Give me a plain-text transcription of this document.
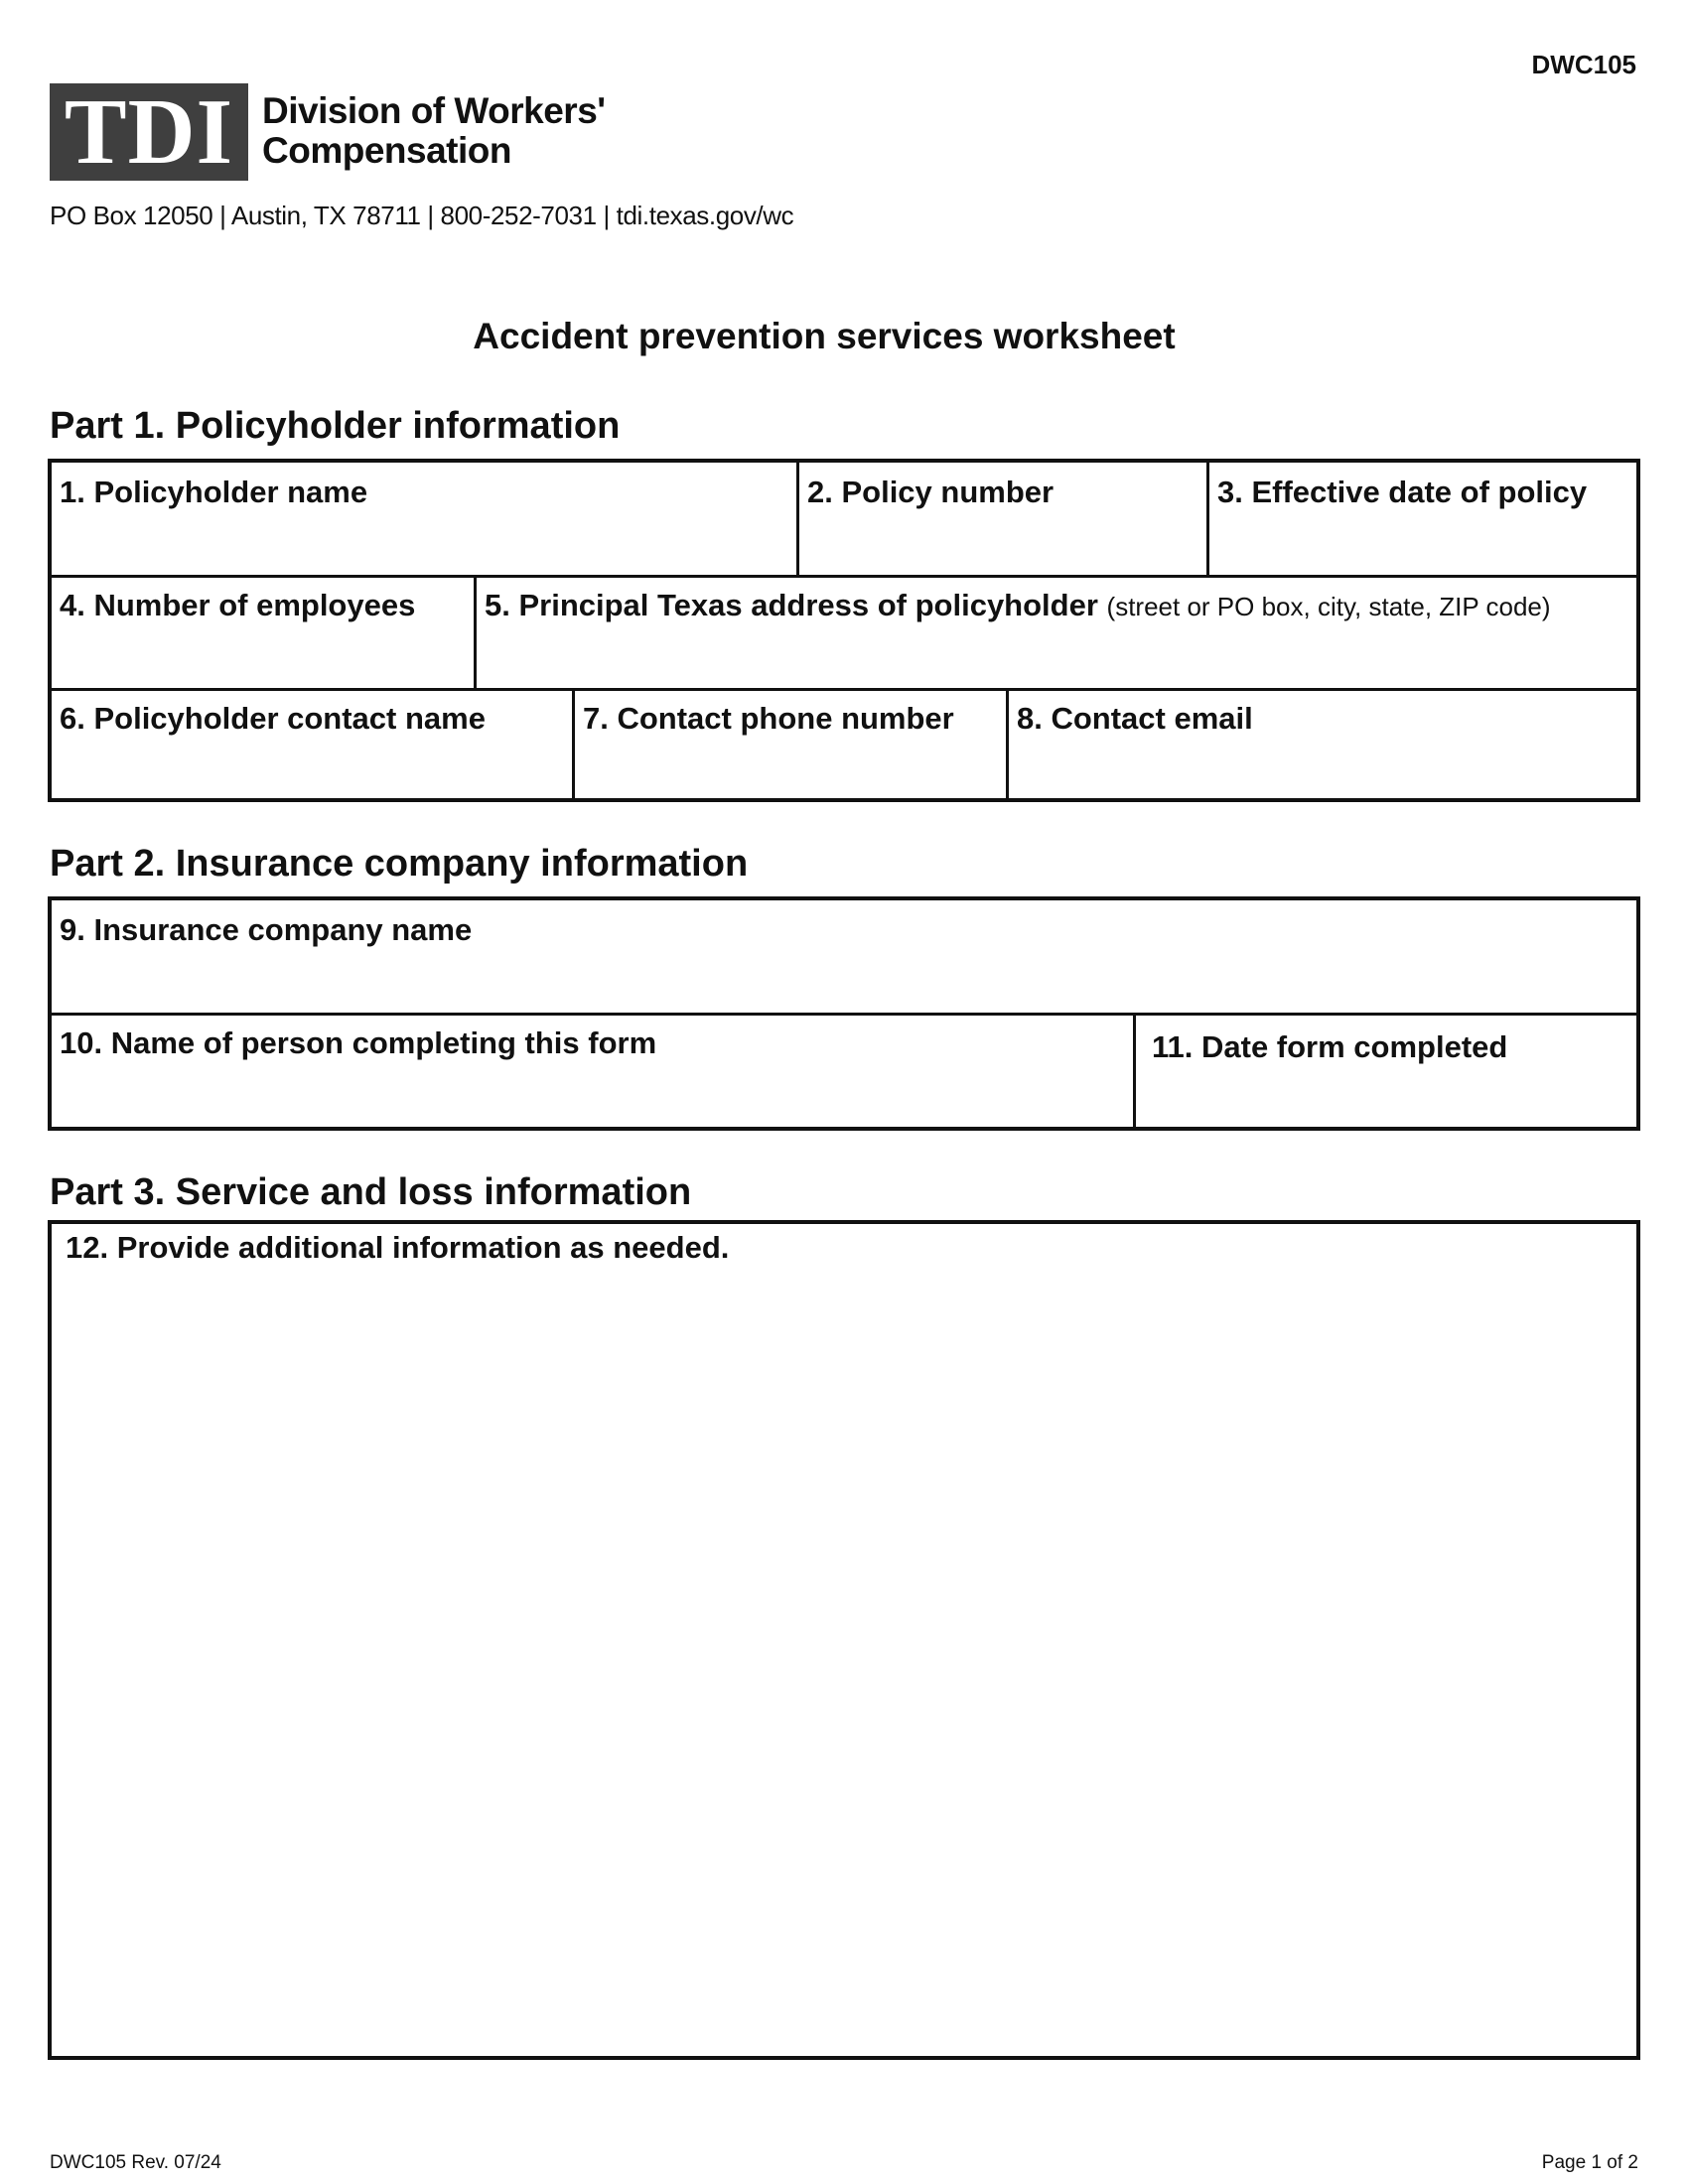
DWC105
TDI Division of Workers'
Compensation
PO Box 12050 | Austin, TX 78711 | 800-252-7031 | tdi.texas.gov/wc
Accident prevention services worksheet
Part 1. Policyholder information
1. Policyholder name	2. Policy number	3. Effective date of policy
4. Number of employees	5. Principal Texas address of policyholder (street or PO box, city, state, ZIP code)
6. Policyholder contact name	7. Contact phone number	8. Contact email
Part 2. Insurance company information
9. Insurance company name
10. Name of person completing this form	11. Date form completed
Part 3. Service and loss information
12. Provide additional information as needed.
DWC105 Rev. 07/24	Page 1 of 2
